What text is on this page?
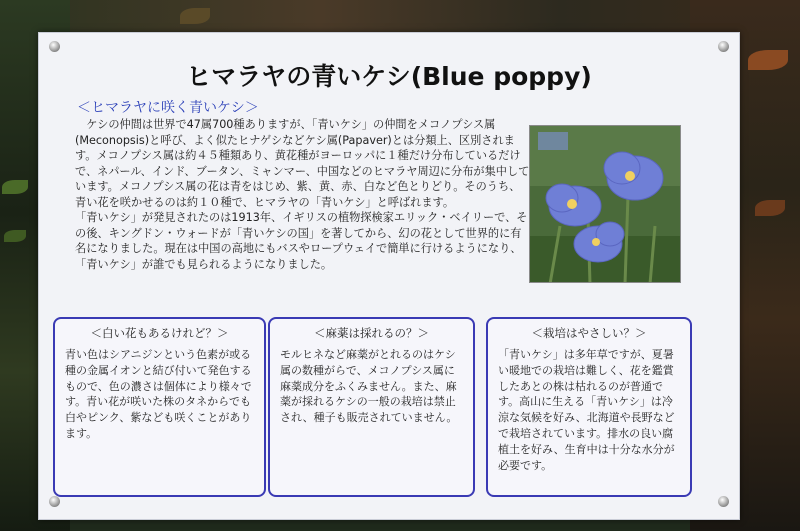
ヒマラヤの青いケシ(Blue poppy)
＜ヒマラヤに咲く青いケシ＞
ケシの仲間は世界で47属700種ありますが、「青いケシ」の仲間をメコノプシス属(Meconopsis)と呼び、よく似たヒナゲシなどケシ属(Papaver)とは分類上、区別されます。メコノプシス属は約４５種類あり、黄花種がヨーロッパに１種だけ分布しているだけで、ネパール、インド、ブータン、ミャンマー、中国などのヒマラヤ周辺に分布が集中しています。メコノプシス属の花は青をはじめ、紫、黄、赤、白など色とりどり。そのうち、青い花を咲かせるのは約１０種で、ヒマラヤの「青いケシ」と呼ばれます。
「青いケシ」が発見されたのは1913年、イギリスの植物探検家エリック・ベイリーで、その後、キングドン・ウォードが「青いケシの国」を著してから、幻の花として世界的に有名になりました。現在は中国の高地にもバスやロープウェイで簡単に行けるようになり、「青いケシ」が誰でも見られるようになりました。
＜白い花もあるけれど？＞
青い色はシアニジンという色素が或る種の金属イオンと結び付いて発色するもので、色の濃さは個体により様々です。青い花が咲いた株のタネからでも白やピンク、紫なども咲くことがあります。
＜麻薬は採れるの？＞
モルヒネなど麻薬がとれるのはケシ属の数種がらで、メコノプシス属に麻薬成分をふくみません。また、麻薬が採れるケシの一般の栽培は禁止され、種子も販売されていません。
＜栽培はやさしい？＞
「青いケシ」は多年草ですが、夏暑い暖地での栽培は難しく、花を鑑賞したあとの株は枯れるのが普通です。高山に生える「青いケシ」は冷涼な気候を好み、北海道や長野などで栽培されています。排水の良い腐植土を好み、生育中は十分な水分が必要です。
